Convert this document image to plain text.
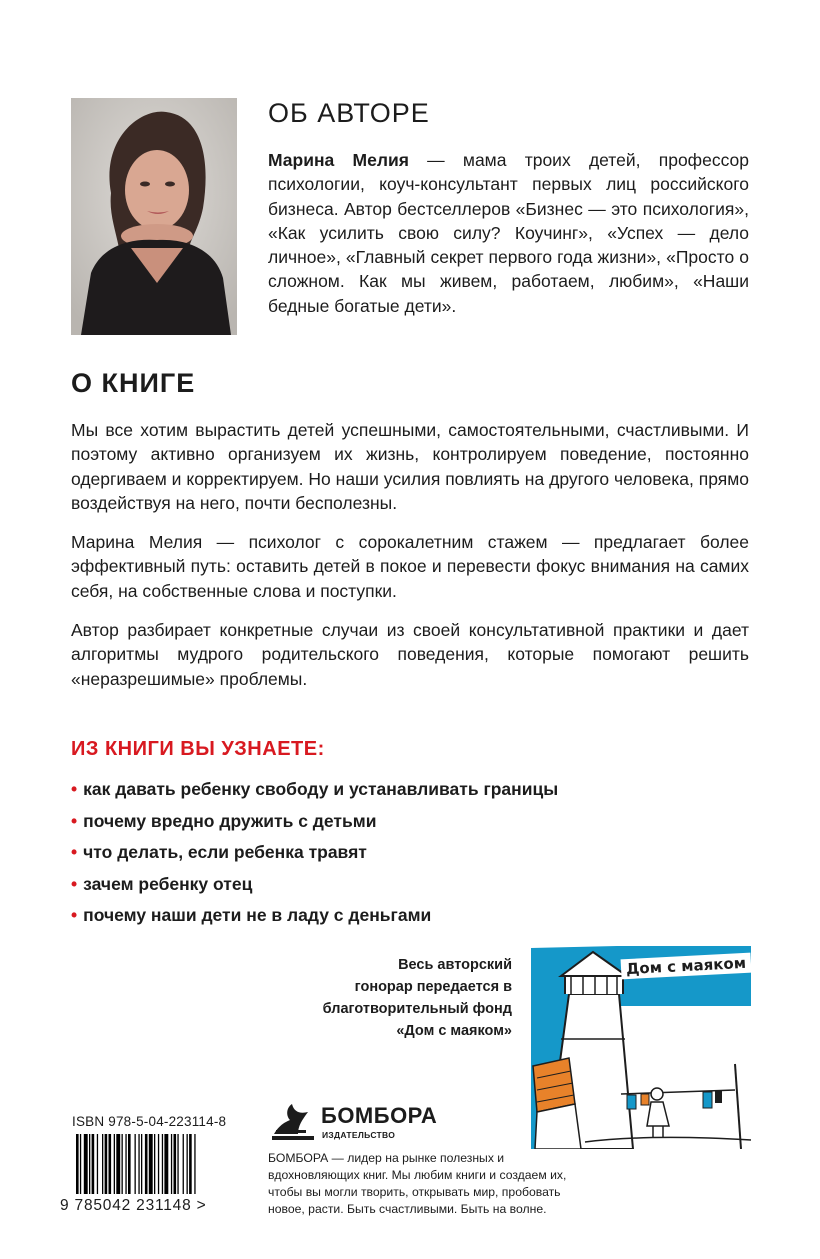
ОБ АВТОРЕ
Марина Мелия — мама троих детей, профессор психологии, коуч-консультант первых лиц российского бизнеса. Автор бестселлеров «Бизнес — это психология», «Как усилить свою силу? Коучинг», «Успех — дело личное», «Главный секрет первого года жизни», «Просто о сложном. Как мы живем, работаем, любим», «Наши бедные богатые дети».
О КНИГЕ

Мы все хотим вырастить детей успешными, самостоятельными, счастливыми. И поэтому активно организуем их жизнь, контролируем поведение, постоянно одергиваем и корректируем. Но наши усилия повлиять на другого человека, прямо воздействуя на него, почти бесполезны.

Марина Мелия — психолог с сорокалетним стажем — предлагает более эффективный путь: оставить детей в покое и перевести фокус внимания на самих себя, на собственные слова и поступки.

Автор разбирает конкретные случаи из своей консультативной практики и дает алгоритмы мудрого родительского поведения, которые помогают решить «неразрешимые» проблемы.

ИЗ КНИГИ ВЫ УЗНАЕТЕ:
• как давать ребенку свободу и устанавливать границы
• почему вредно дружить с детьми
• что делать, если ребенка травят
• зачем ребенку отец
• почему наши дети не в ладу с деньгами
Весь авторский
гонорар передается в
благотворительный фонд
«Дом с маяком»
Дом с маяком
ISBN 978-5-04-223114-8
9 785042 231148 >
БОМБОРА
ИЗДАТЕЛЬСТВО
БОМБОРА — лидер на рынке полезных и вдохновляющих книг. Мы любим книги и создаем их, чтобы вы могли творить, открывать мир, пробовать новое, расти. Быть счастливыми. Быть на волне.
